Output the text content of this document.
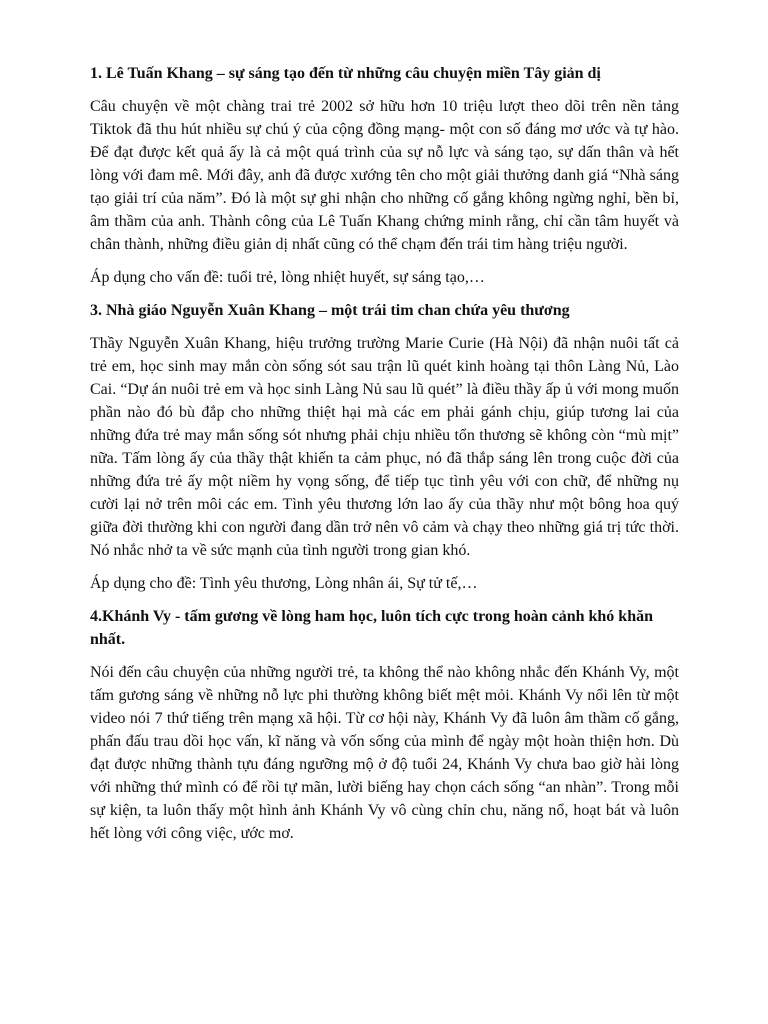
1. Lê Tuấn Khang – sự sáng tạo đến từ những câu chuyện miền Tây giản dị

Câu chuyện về một chàng trai trẻ 2002 sở hữu hơn 10 triệu lượt theo dõi trên nền tảng Tiktok đã thu hút nhiều sự chú ý của cộng đồng mạng- một con số đáng mơ ước và tự hào. Để đạt được kết quả ấy là cả một quá trình của sự nỗ lực và sáng tạo, sự dấn thân và hết lòng với đam mê. Mới đây, anh đã được xướng tên cho một giải thưởng danh giá “Nhà sáng tạo giải trí của năm”. Đó là một sự ghi nhận cho những cố gắng không ngừng nghỉ, bền bỉ, âm thầm của anh. Thành công của Lê Tuấn Khang chứng minh rằng, chỉ cần tâm huyết và chân thành, những điều giản dị nhất cũng có thể chạm đến trái tim hàng triệu người.

Áp dụng cho vấn đề: tuổi trẻ, lòng nhiệt huyết, sự sáng tạo,…

3. Nhà giáo Nguyễn Xuân Khang – một trái tim chan chứa yêu thương

Thầy Nguyễn Xuân Khang, hiệu trưởng trường Marie Curie (Hà Nội) đã nhận nuôi tất cả trẻ em, học sinh may mắn còn sống sót sau trận lũ quét kinh hoàng tại thôn Làng Nủ, Lào Cai. “Dự án nuôi trẻ em và học sinh Làng Nủ sau lũ quét” là điều thầy ấp ủ với mong muốn phần nào đó bù đắp cho những thiệt hại mà các em phải gánh chịu, giúp tương lai của những đứa trẻ may mắn sống sót nhưng phải chịu nhiều tổn thương sẽ không còn “mù mịt” nữa. Tấm lòng ấy của thầy thật khiến ta cảm phục, nó đã thắp sáng lên trong cuộc đời của những đứa trẻ ấy một niềm hy vọng sống, để tiếp tục tình yêu với con chữ, để những nụ cười lại nở trên môi các em. Tình yêu thương lớn lao ấy của thầy như một bông hoa quý giữa đời thường khi con người đang dần trở nên vô cảm và chạy theo những giá trị tức thời. Nó nhắc nhở ta về sức mạnh của tình người trong gian khó.

Áp dụng cho đề: Tình yêu thương, Lòng nhân ái, Sự tử tế,…

4.Khánh Vy - tấm gương về lòng ham học, luôn tích cực trong hoàn cảnh khó khăn nhất.

Nói đến câu chuyện của những người trẻ, ta không thể nào không nhắc đến Khánh Vy, một tấm gương sáng về những nỗ lực phi thường không biết mệt mỏi. Khánh Vy nổi lên từ một video nói 7 thứ tiếng trên mạng xã hội. Từ cơ hội này, Khánh Vy đã luôn âm thầm cố gắng, phấn đấu trau dồi học vấn, kĩ năng và vốn sống của mình để ngày một hoàn thiện hơn. Dù đạt được những thành tựu đáng ngưỡng mộ ở độ tuổi 24, Khánh Vy chưa bao giờ hài lòng với những thứ mình có để rồi tự mãn, lười biếng hay chọn cách sống “an nhàn”. Trong mỗi sự kiện, ta luôn thấy một hình ảnh Khánh Vy vô cùng chỉn chu, năng nổ, hoạt bát và luôn hết lòng với công việc, ước mơ.
